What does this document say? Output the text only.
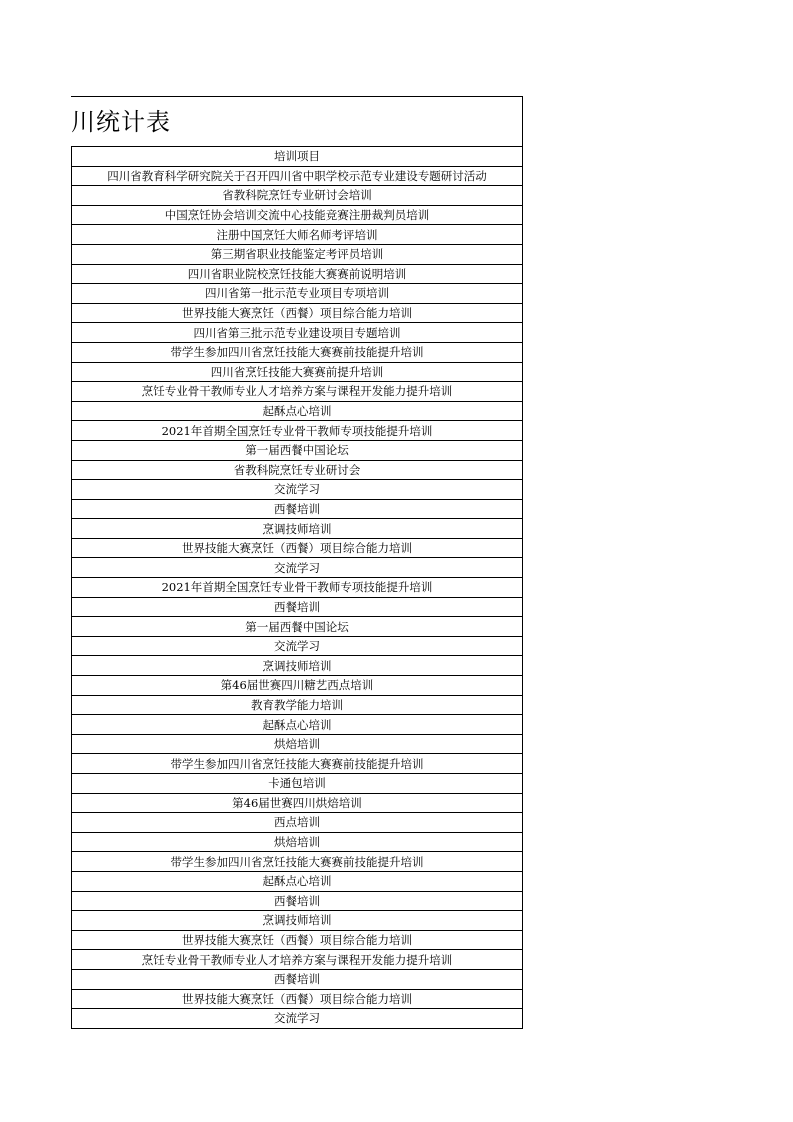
川统计表
培训项目
四川省教育科学研究院关于召开四川省中职学校示范专业建设专题研讨活动
省教科院烹饪专业研讨会培训
中国烹饪协会培训交流中心技能竞赛注册裁判员培训
注册中国烹饪大师名师考评培训
第三期省职业技能鉴定考评员培训
四川省职业院校烹饪技能大赛赛前说明培训
四川省第一批示范专业项目专项培训
世界技能大赛烹饪（西餐）项目综合能力培训
四川省第三批示范专业建设项目专题培训
带学生参加四川省烹饪技能大赛赛前技能提升培训
四川省烹饪技能大赛赛前提升培训
烹饪专业骨干教师专业人才培养方案与课程开发能力提升培训
起酥点心培训
2021年首期全国烹饪专业骨干教师专项技能提升培训
第一届西餐中国论坛
省教科院烹饪专业研讨会
交流学习
西餐培训
烹调技师培训
世界技能大赛烹饪（西餐）项目综合能力培训
交流学习
2021年首期全国烹饪专业骨干教师专项技能提升培训
西餐培训
第一届西餐中国论坛
交流学习
烹调技师培训
第46届世赛四川糖艺西点培训
教育教学能力培训
起酥点心培训
烘焙培训
带学生参加四川省烹饪技能大赛赛前技能提升培训
卡通包培训
第46届世赛四川烘焙培训
西点培训
烘焙培训
带学生参加四川省烹饪技能大赛赛前技能提升培训
起酥点心培训
西餐培训
烹调技师培训
世界技能大赛烹饪（西餐）项目综合能力培训
烹饪专业骨干教师专业人才培养方案与课程开发能力提升培训
西餐培训
世界技能大赛烹饪（西餐）项目综合能力培训
交流学习
